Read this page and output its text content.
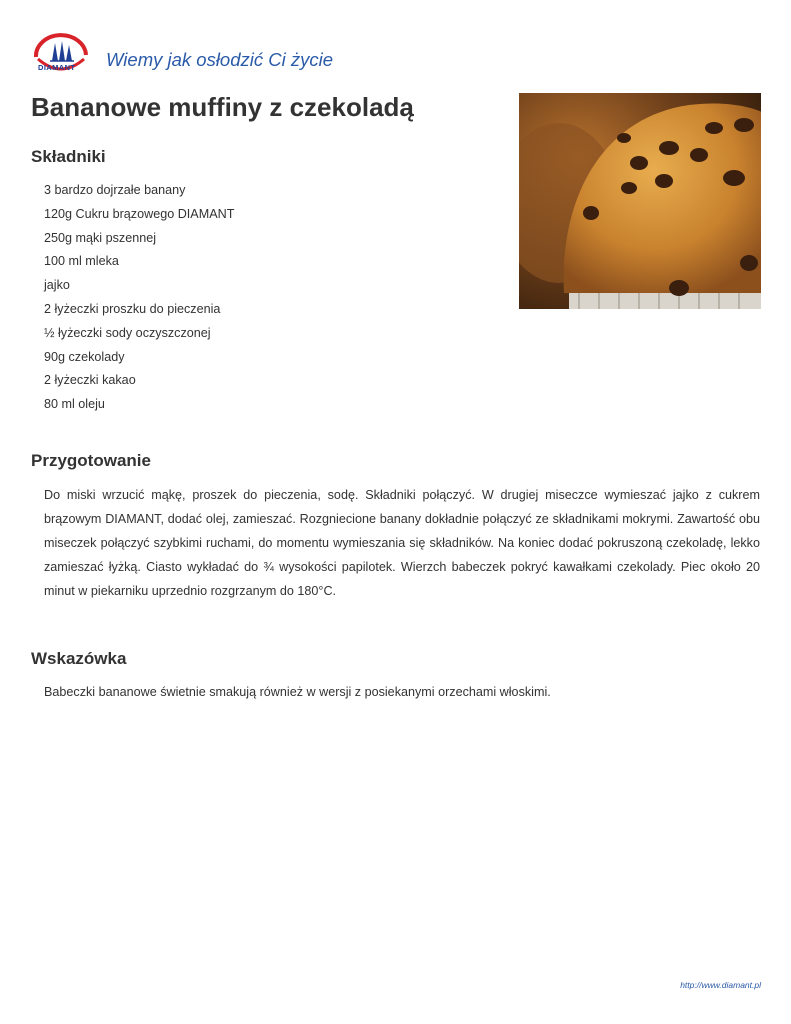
DIAMANT Wiemy jak osłodzić Ci życie
Bananowe muffiny z czekoladą
Składniki
3 bardzo dojrzałe banany
120g Cukru brązowego DIAMANT
250g mąki pszennej
100 ml mleka
jajko
2 łyżeczki proszku do pieczenia
½ łyżeczki sody oczyszczonej
90g czekolady
2 łyżeczki kakao
80 ml oleju
Przygotowanie

Do miski wrzucić mąkę, proszek do pieczenia, sodę. Składniki połączyć. W drugiej miseczce wymieszać jajko z cukrem brązowym DIAMANT, dodać olej, zamieszać. Rozgniecione banany dokładnie połączyć ze składnikami mokrymi. Zawartość obu miseczek połączyć szybkimi ruchami, do momentu wymieszania się składników. Na koniec dodać pokruszoną czekoladę, lekko zamieszać łyżką. Ciasto wykładać do ¾ wysokości papilotek. Wierzch babeczek pokryć kawałkami czekolady. Piec około 20 minut w piekarniku uprzednio rozgrzanym do 180°C.

Wskazówka

Babeczki bananowe świetnie smakują również w wersji z posiekanymi orzechami włoskimi.

http://www.diamant.pl
